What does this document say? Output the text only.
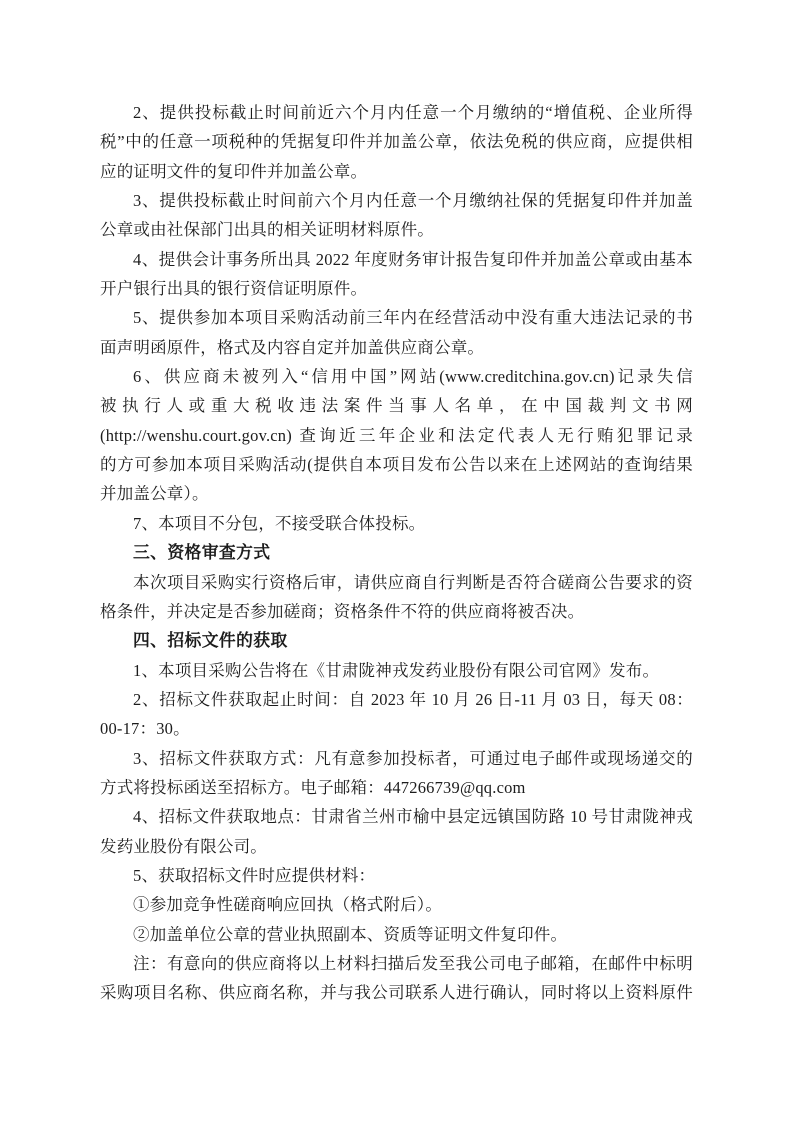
2、提供投标截止时间前近六个月内任意一个月缴纳的“增值税、企业所得
税”中的任意一项税种的凭据复印件并加盖公章，依法免税的供应商，应提供相
应的证明文件的复印件并加盖公章。
3、提供投标截止时间前六个月内任意一个月缴纳社保的凭据复印件并加盖
公章或由社保部门出具的相关证明材料原件。
4、提供会计事务所出具 2022 年度财务审计报告复印件并加盖公章或由基本
开户银行出具的银行资信证明原件。
5、提供参加本项目采购活动前三年内在经营活动中没有重大违法记录的书
面声明函原件，格式及内容自定并加盖供应商公章。
6、供应商未被列入“信用中国”网站(www.creditchina.gov.cn)记录失信
被执行人或重大税收违法案件当事人名单，在中国裁判文书网
(http://wenshu.court.gov.cn) 查询近三年企业和法定代表人无行贿犯罪记录
的方可参加本项目采购活动(提供自本项目发布公告以来在上述网站的查询结果
并加盖公章）。
7、本项目不分包，不接受联合体投标。
三、资格审查方式
本次项目采购实行资格后审，请供应商自行判断是否符合磋商公告要求的资
格条件，并决定是否参加磋商；资格条件不符的供应商将被否决。
四、招标文件的获取
1、本项目采购公告将在《甘肃陇神戎发药业股份有限公司官网》发布。
2、招标文件获取起止时间：自 2023 年 10 月 26 日-11 月 03 日，每天 08：
00-17：30。
3、招标文件获取方式：凡有意参加投标者，可通过电子邮件或现场递交的
方式将投标函送至招标方。电子邮箱：447266739@qq.com
4、招标文件获取地点：甘肃省兰州市榆中县定远镇国防路 10 号甘肃陇神戎
发药业股份有限公司。
5、获取招标文件时应提供材料：
①参加竞争性磋商响应回执（格式附后）。
②加盖单位公章的营业执照副本、资质等证明文件复印件。
注：有意向的供应商将以上材料扫描后发至我公司电子邮箱，在邮件中标明
采购项目名称、供应商名称，并与我公司联系人进行确认，同时将以上资料原件
